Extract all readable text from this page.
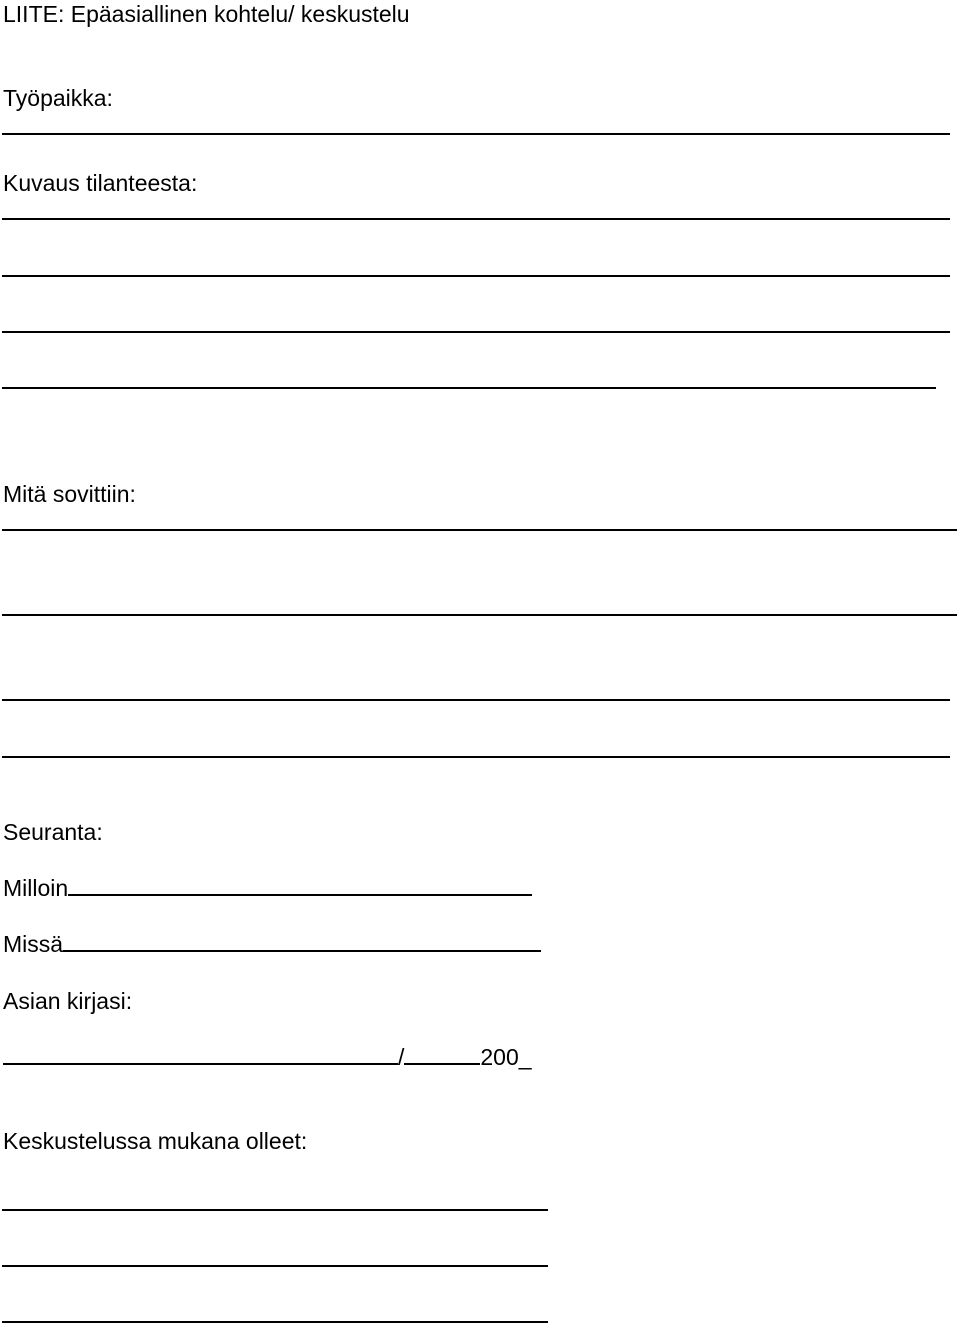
LIITE: Epäasiallinen kohtelu/ keskustelu
Työpaikka:
Kuvaus tilanteesta:
Mitä sovittiin:
Seuranta:
Milloin
Missä
Asian kirjasi:
/	200_
Keskustelussa mukana olleet:
